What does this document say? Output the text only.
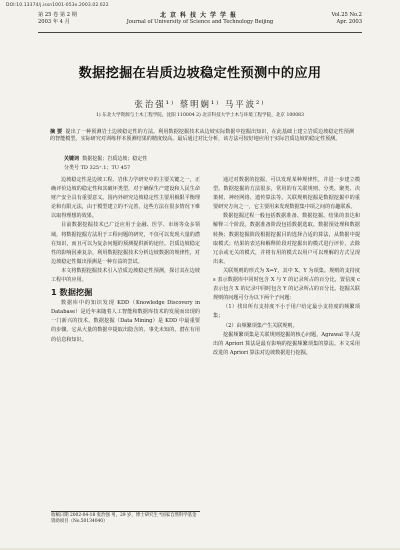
DOI:10.13374/j.issn1001-053x.2003.02.022
第 25 卷 第 2 期
2003 年 4 月
北京科技大学学报
Journal of University of Science and Technology Beijing
Vol.25 No.2
Apr. 2003
数据挖掘在岩质边坡稳定性预测中的应用
张治强¹⁾ 蔡明娴¹⁾ 马平波²⁾
1) 东北大学资源与土木工程学院，沈阳 110004 2) 北京科技大学土木与环境工程学院，北京 100083
摘 要 提出了一种预测岩土边坡稳定性的方法。利用数据挖掘技术从边坡实际数据中挖掘出知识，在此基础上建立岩质边坡稳定性预测的智能模型。实际研究对训练样本预测结果的精度较高。最后通过对比分析，该方法可较好地应用于实际岩质边坡的稳定性预测。
关键词 数据挖掘；岩质边坡；稳定性
分类号 TD 325⁺.1；TU 457

边坡稳定性是边坡工程、岩体力学研究中的主要关键之一，正确评价边坡的稳定性和其破坏类型，对于确保生产建设和人民生命财产安全具有重要意义。国内外研究边坡稳定性主要用极限平衡理论和有限元法，由于模型建立的不完善，这些方法在很多情况下难以取得理想的效果。

目前数据挖掘技术已广泛应用于金融、医学、市场等众多领域，将数据挖掘方法用于工程问题的研究，不仅可以发现大量的潜在知识，而且可以为复杂问题的预测提供新的途径。岩质边坡稳定性的影响因素复杂，利用数据挖掘技术分析边坡数据的规律性，对边坡稳定性做出预测是一种有益的尝试。

本文将数据挖掘技术引入岩质边坡稳定性预测，探讨其在边坡工程中的应用。

1 数据挖掘

数据库中的知识发现 KDD（Knowledge Discovery in Database）是近年来随着人工智能和数据库技术的发展而出现的一门新兴的技术。数据挖掘（Data Mining）是 KDD 中最重要的步骤，它从大量的数据中提取出隐含的、事先未知的、潜在有用的信息和知识。

收稿日期 2002-04-18 张治强 男，29 岁，博士研究生 *国家自然科学基金资助项目（No.50134040）

通过对数据的挖掘，可以发现某种规律性，并进一步建立模型。数据挖掘的方法很多，常用的有关联规则、分类、聚类、决策树、神经网络、遗传算法等。关联规则挖掘是数据挖掘中的重要研究方向之一，它主要用来发现数据集中项之间的有趣联系。

数据挖掘过程一般包括数据准备、数据挖掘、结果的表达和解释三个阶段。数据准备阶段包括数据选取、数据预处理和数据转换；数据挖掘阶段根据挖掘目的选择合适的算法，从数据中提取模式；结果的表达和解释阶段对挖掘出的模式进行评价，去除冗余或无关的模式，并将有用的模式以用户可以理解的方式呈现出来。

关联规则的形式为 X⇒Y，其中 X、Y 为项集。规则的支持度 s 表示数据库中同时包含 X 与 Y 的记录所占的百分比，置信度 c 表示包含 X 的记录中同时包含 Y 的记录所占的百分比。挖掘关联规则的问题可分为以下两个子问题：

（1）找出所有支持度不小于用户给定最小支持度的频繁项集；

（2）由频繁项集产生关联规则。

挖掘频繁项集是关联规则挖掘的核心问题，Agrawal 等人提出的 Apriori 算法是最有影响的挖掘频繁项集的算法。本文采用改进的 Apriori 算法对边坡数据进行挖掘。
